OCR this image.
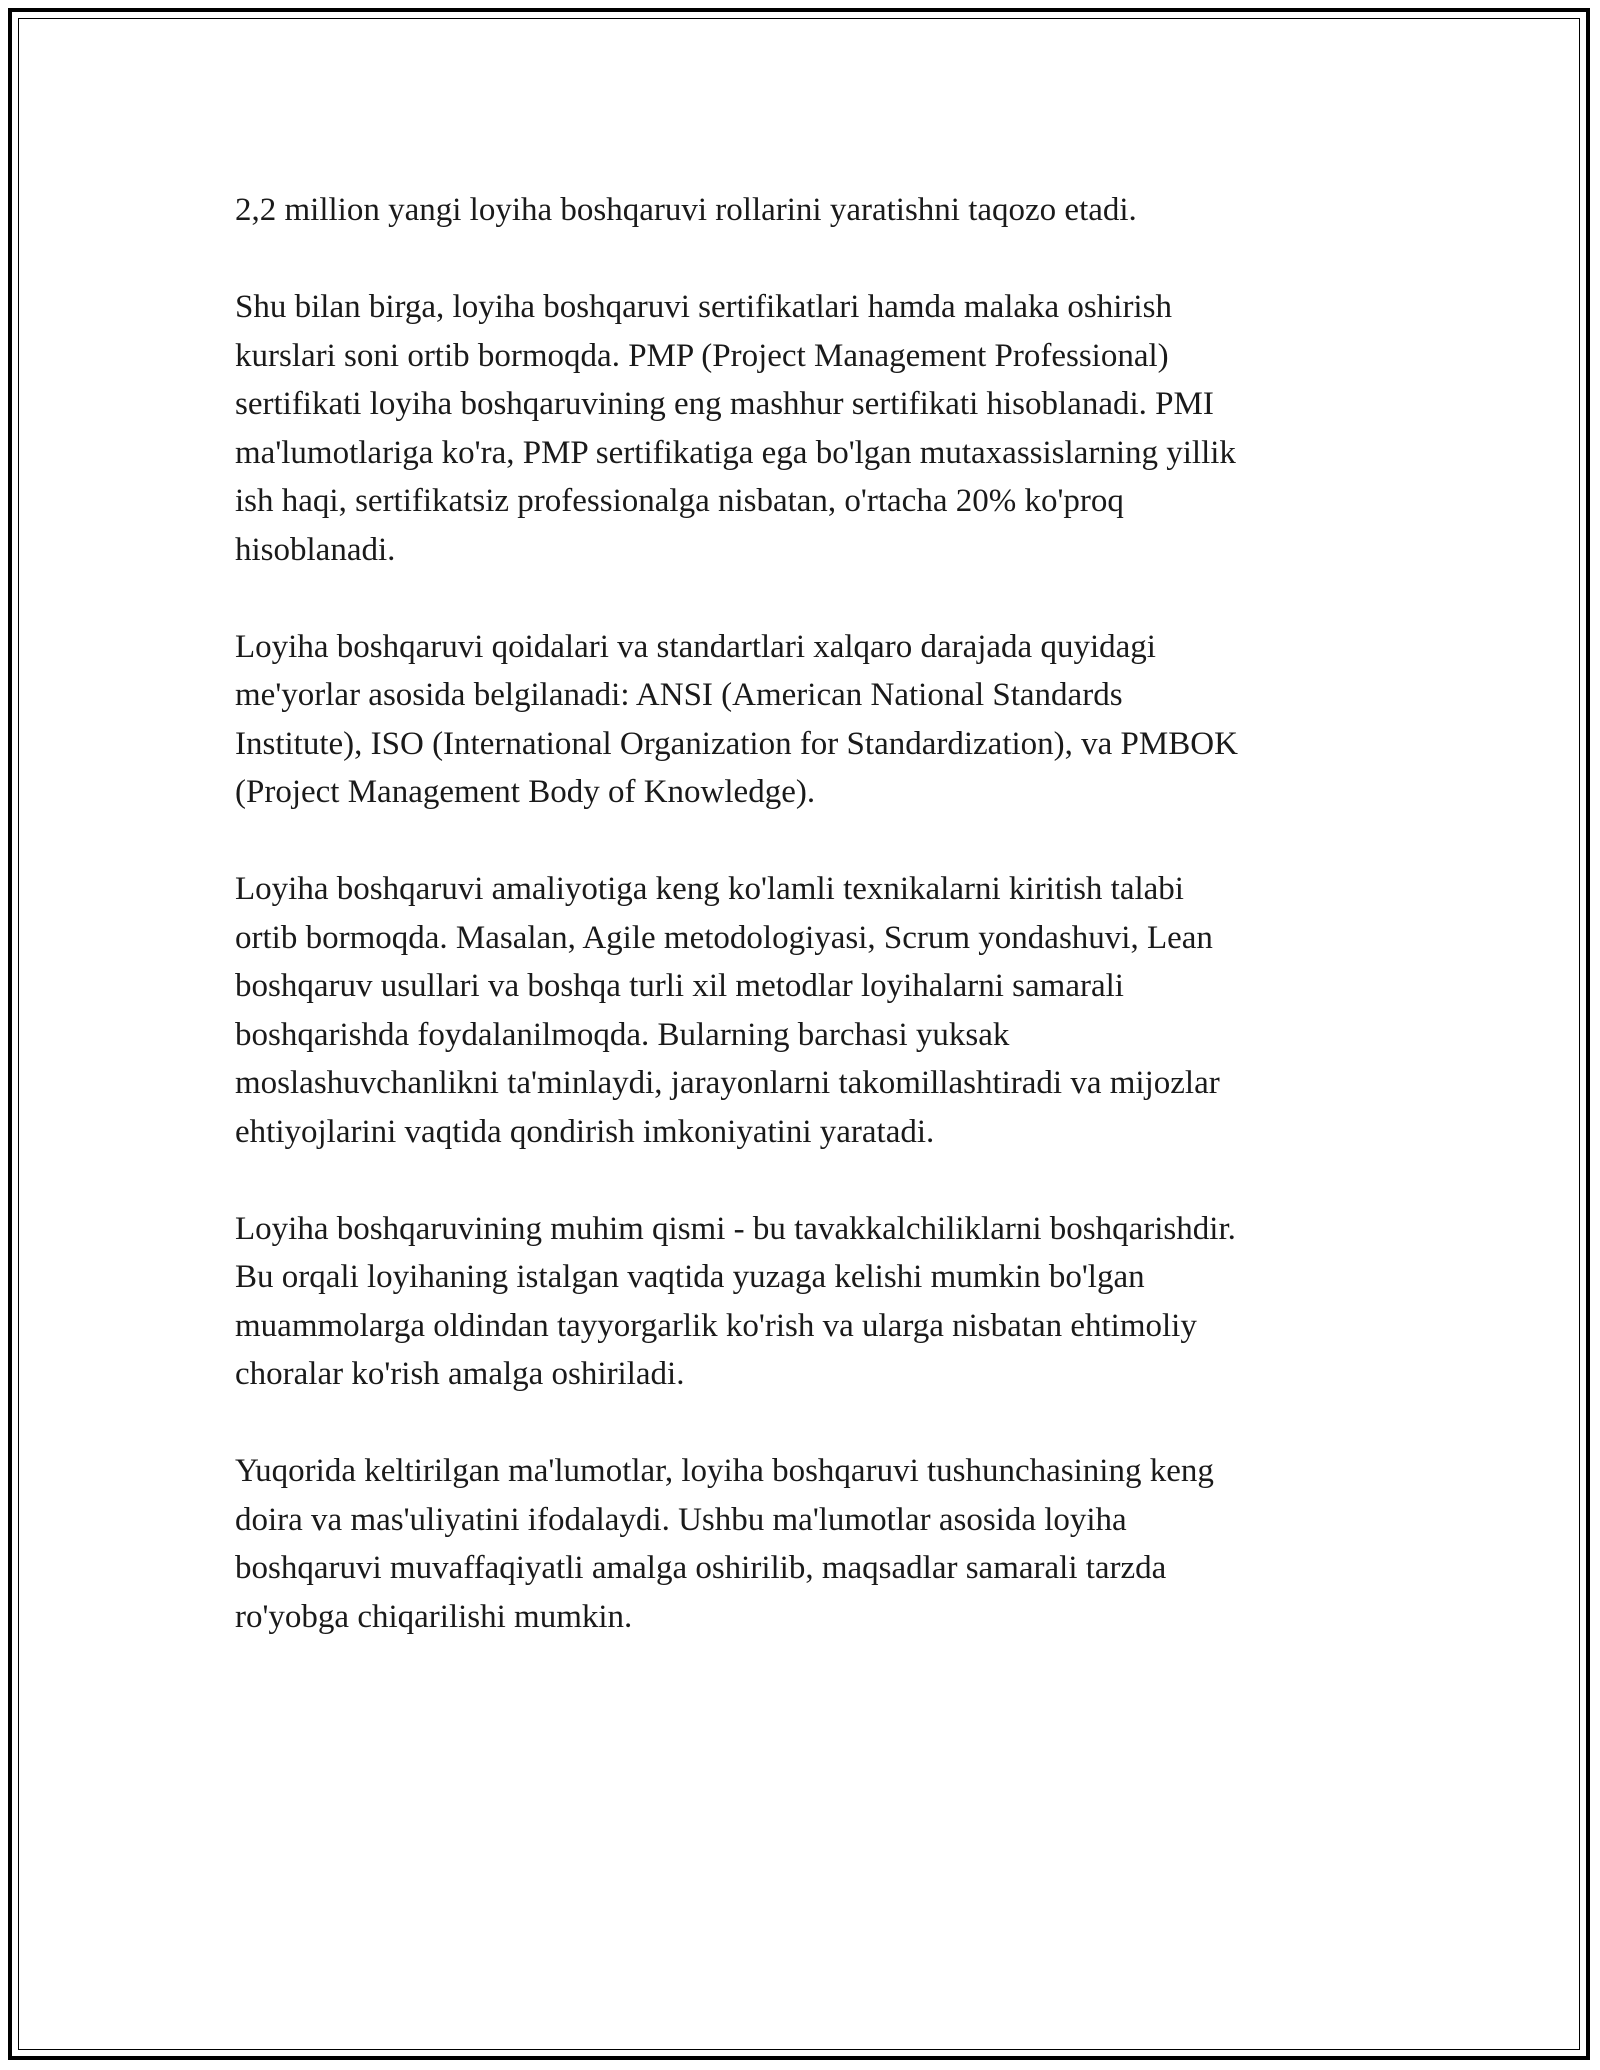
2,2 million yangi loyiha boshqaruvi rollarini yaratishni taqozo etadi.

Shu bilan birga, loyiha boshqaruvi sertifikatlari hamda malaka oshirish
kurslari soni ortib bormoqda. PMP (Project Management Professional)
sertifikati loyiha boshqaruvining eng mashhur sertifikati hisoblanadi. PMI
ma'lumotlariga ko'ra, PMP sertifikatiga ega bo'lgan mutaxassislarning yillik
ish haqi, sertifikatsiz professionalga nisbatan, o'rtacha 20% ko'proq
hisoblanadi.

Loyiha boshqaruvi qoidalari va standartlari xalqaro darajada quyidagi
me'yorlar asosida belgilanadi: ANSI (American National Standards
Institute), ISO (International Organization for Standardization), va PMBOK
(Project Management Body of Knowledge).

Loyiha boshqaruvi amaliyotiga keng ko'lamli texnikalarni kiritish talabi
ortib bormoqda. Masalan, Agile metodologiyasi, Scrum yondashuvi, Lean
boshqaruv usullari va boshqa turli xil metodlar loyihalarni samarali
boshqarishda foydalanilmoqda. Bularning barchasi yuksak
moslashuvchanlikni ta'minlaydi, jarayonlarni takomillashtiradi va mijozlar
ehtiyojlarini vaqtida qondirish imkoniyatini yaratadi.

Loyiha boshqaruvining muhim qismi - bu tavakkalchiliklarni boshqarishdir.
Bu orqali loyihaning istalgan vaqtida yuzaga kelishi mumkin bo'lgan
muammolarga oldindan tayyorgarlik ko'rish va ularga nisbatan ehtimoliy
choralar ko'rish amalga oshiriladi.

Yuqorida keltirilgan ma'lumotlar, loyiha boshqaruvi tushunchasining keng
doira va mas'uliyatini ifodalaydi. Ushbu ma'lumotlar asosida loyiha
boshqaruvi muvaffaqiyatli amalga oshirilib, maqsadlar samarali tarzda
ro'yobga chiqarilishi mumkin.
